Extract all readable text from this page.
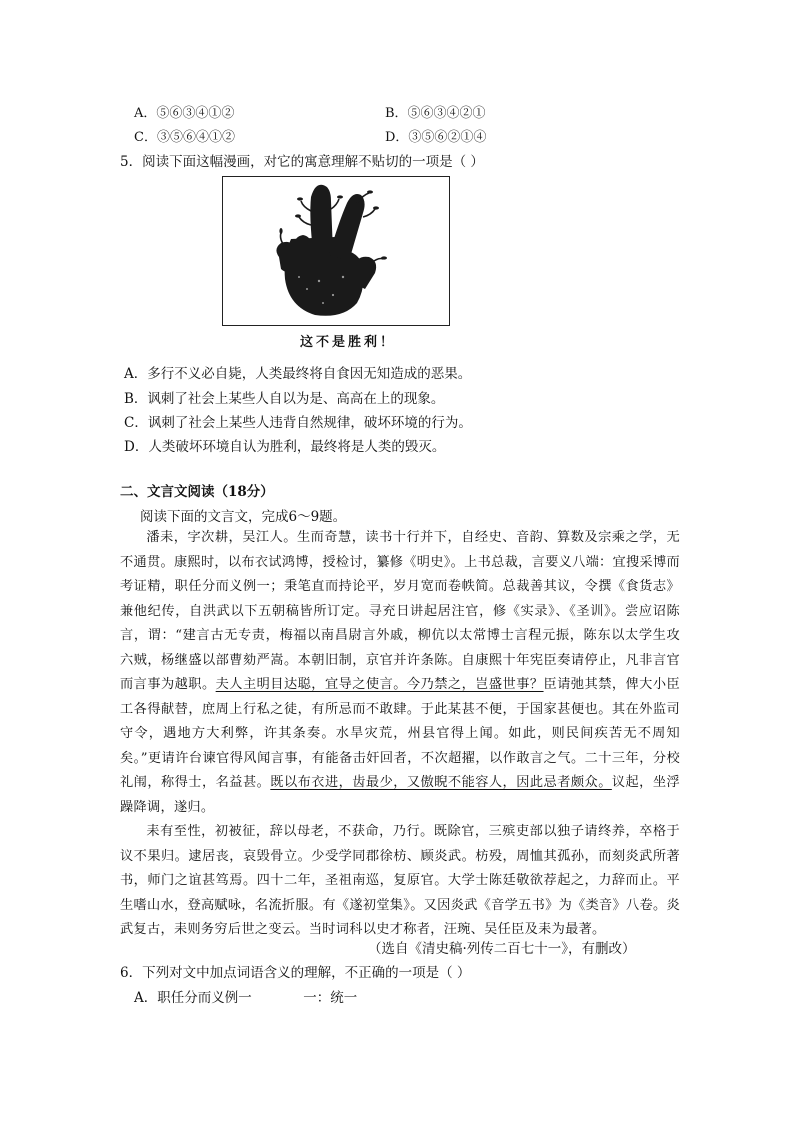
A．⑤⑥③④①②	B．⑤⑥③④②①
C．③⑤⑥④①②	D．③⑤⑥②①④
5．阅读下面这幅漫画，对它的寓意理解不贴切的一项是（ ）
这不是胜利！
A．多行不义必自毙，人类最终将自食因无知造成的恶果。
B．讽刺了社会上某些人自以为是、高高在上的现象。
C．讽刺了社会上某些人违背自然规律，破坏环境的行为。
D．人类破坏环境自认为胜利，最终将是人类的毁灭。
二、文言文阅读（18分）
阅读下面的文言文，完成6～9题。

潘耒，字次耕，吴江人。生而奇慧，读书十行并下，自经史、音韵、算数及宗乘之学，无不通贯。康熙时，以布衣试鸿博，授检讨，纂修《明史》。上书总裁，言要义八端：宜搜采博而考证精，职任分而义例一；秉笔直而持论平，岁月宽而卷帙简。总裁善其议，令撰《食货志》兼他纪传，自洪武以下五朝稿皆所订定。寻充日讲起居注官，修《实录》、《圣训》。尝应诏陈言，谓：“建言古无专责，梅福以南昌尉言外戚，柳伉以太常博士言程元振，陈东以太学生攻六贼，杨继盛以部曹劾严嵩。本朝旧制，京官并许条陈。自康熙十年宪臣奏请停止，凡非言官而言事为越职。夫人主明目达聪，宜导之使言。今乃禁之，岂盛世事？臣请弛其禁，俾大小臣工各得献替，庶周上行私之徒，有所忌而不敢肆。于此某甚不便，于国家甚便也。其在外监司守令，遇地方大利弊，许其条奏。水旱灾荒，州县官得上闻。如此，则民间疾苦无不周知矣。”更请许台谏官得风闻言事，有能备击奸回者，不次超擢，以作敢言之气。二十三年，分校礼闱，称得士，名益甚。既以布衣进，齿最少，又傲睨不能容人，因此忌者颇众。议起，坐浮躁降调，遂归。

耒有至性，初被征，辞以母老，不获命，乃行。既除官，三殡吏部以独子请终养，卒格于议不果归。逮居丧，哀毁骨立。少受学同郡徐枋、顾炎武。枋殁，周恤其孤孙，而刻炎武所著书，师门之谊甚笃焉。四十二年，圣祖南巡，复原官。大学士陈廷敬欲荐起之，力辞而止。平生嗜山水，登高赋咏，名流折服。有《遂初堂集》。又因炎武《音学五书》为《类音》八卷。炎武复古，耒则务穷后世之变云。当时词科以史才称者，汪琬、吴任臣及耒为最著。

（选自《清史稿·列传二百七十一》，有删改）
6．下列对文中加点词语含义的理解，不正确的一项是（ ）
A．职任分而义例一            一：统一
